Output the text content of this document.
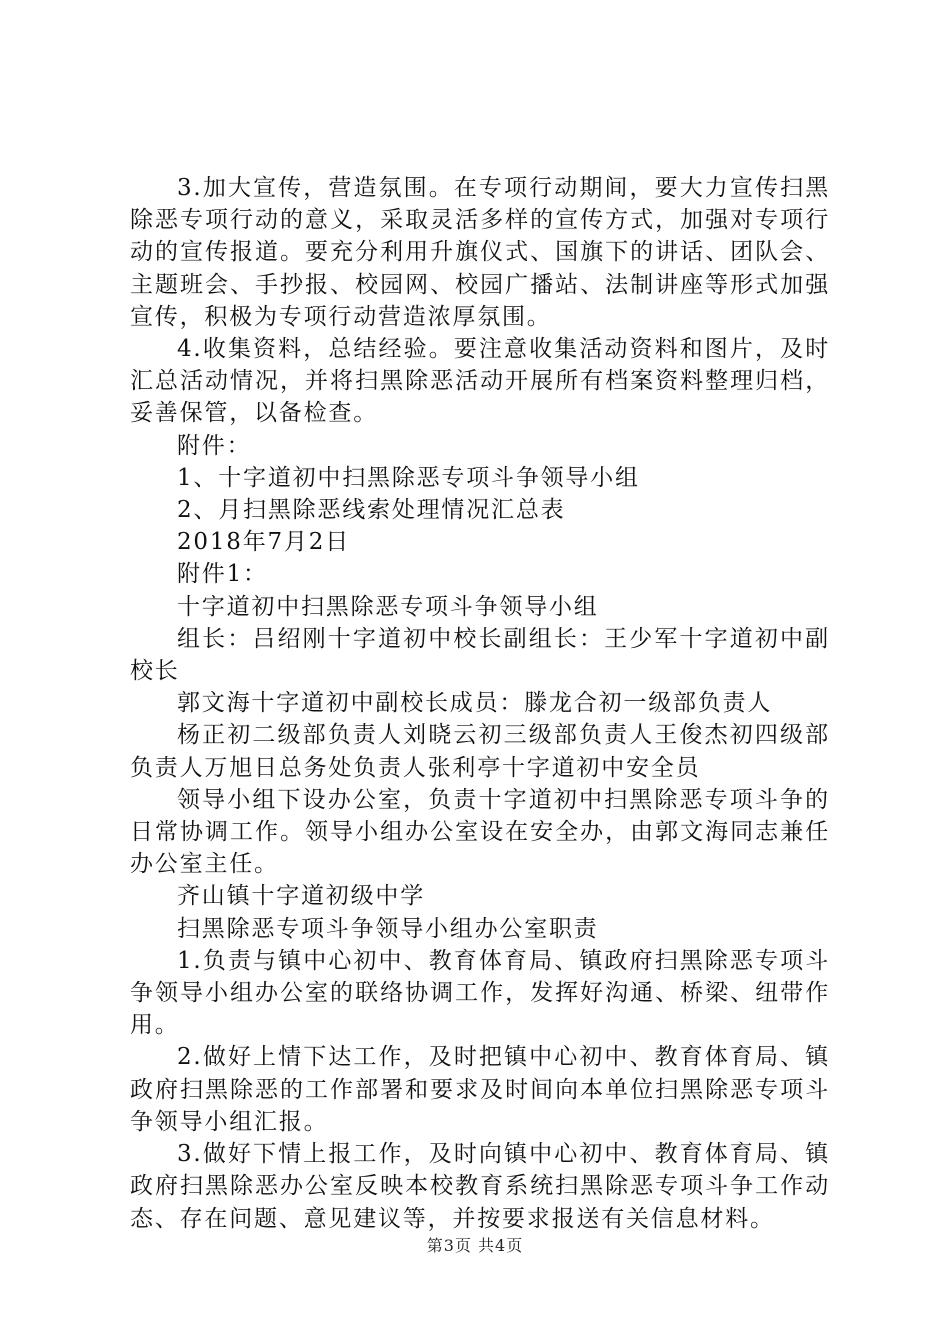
3.加大宣传，营造氛围。在专项行动期间，要大力宣传扫黑除恶专项行动的意义，采取灵活多样的宣传方式，加强对专项行动的宣传报道。要充分利用升旗仪式、国旗下的讲话、团队会、主题班会、手抄报、校园网、校园广播站、法制讲座等形式加强宣传，积极为专项行动营造浓厚氛围。

4.收集资料，总结经验。要注意收集活动资料和图片，及时汇总活动情况，并将扫黑除恶活动开展所有档案资料整理归档，妥善保管，以备检查。

附件：

1、十字道初中扫黑除恶专项斗争领导小组

2、月扫黑除恶线索处理情况汇总表

2018年7月2日

附件1：

十字道初中扫黑除恶专项斗争领导小组

组长：吕绍刚十字道初中校长副组长：王少军十字道初中副校长

郭文海十字道初中副校长成员：滕龙合初一级部负责人

杨正初二级部负责人刘晓云初三级部负责人王俊杰初四级部负责人万旭日总务处负责人张利亭十字道初中安全员

领导小组下设办公室，负责十字道初中扫黑除恶专项斗争的日常协调工作。领导小组办公室设在安全办，由郭文海同志兼任办公室主任。

齐山镇十字道初级中学

扫黑除恶专项斗争领导小组办公室职责

1.负责与镇中心初中、教育体育局、镇政府扫黑除恶专项斗争领导小组办公室的联络协调工作，发挥好沟通、桥梁、纽带作用。

2.做好上情下达工作，及时把镇中心初中、教育体育局、镇政府扫黑除恶的工作部署和要求及时间向本单位扫黑除恶专项斗争领导小组汇报。

3.做好下情上报工作，及时向镇中心初中、教育体育局、镇政府扫黑除恶办公室反映本校教育系统扫黑除恶专项斗争工作动态、存在问题、意见建议等，并按要求报送有关信息材料。

第3页 共4页
